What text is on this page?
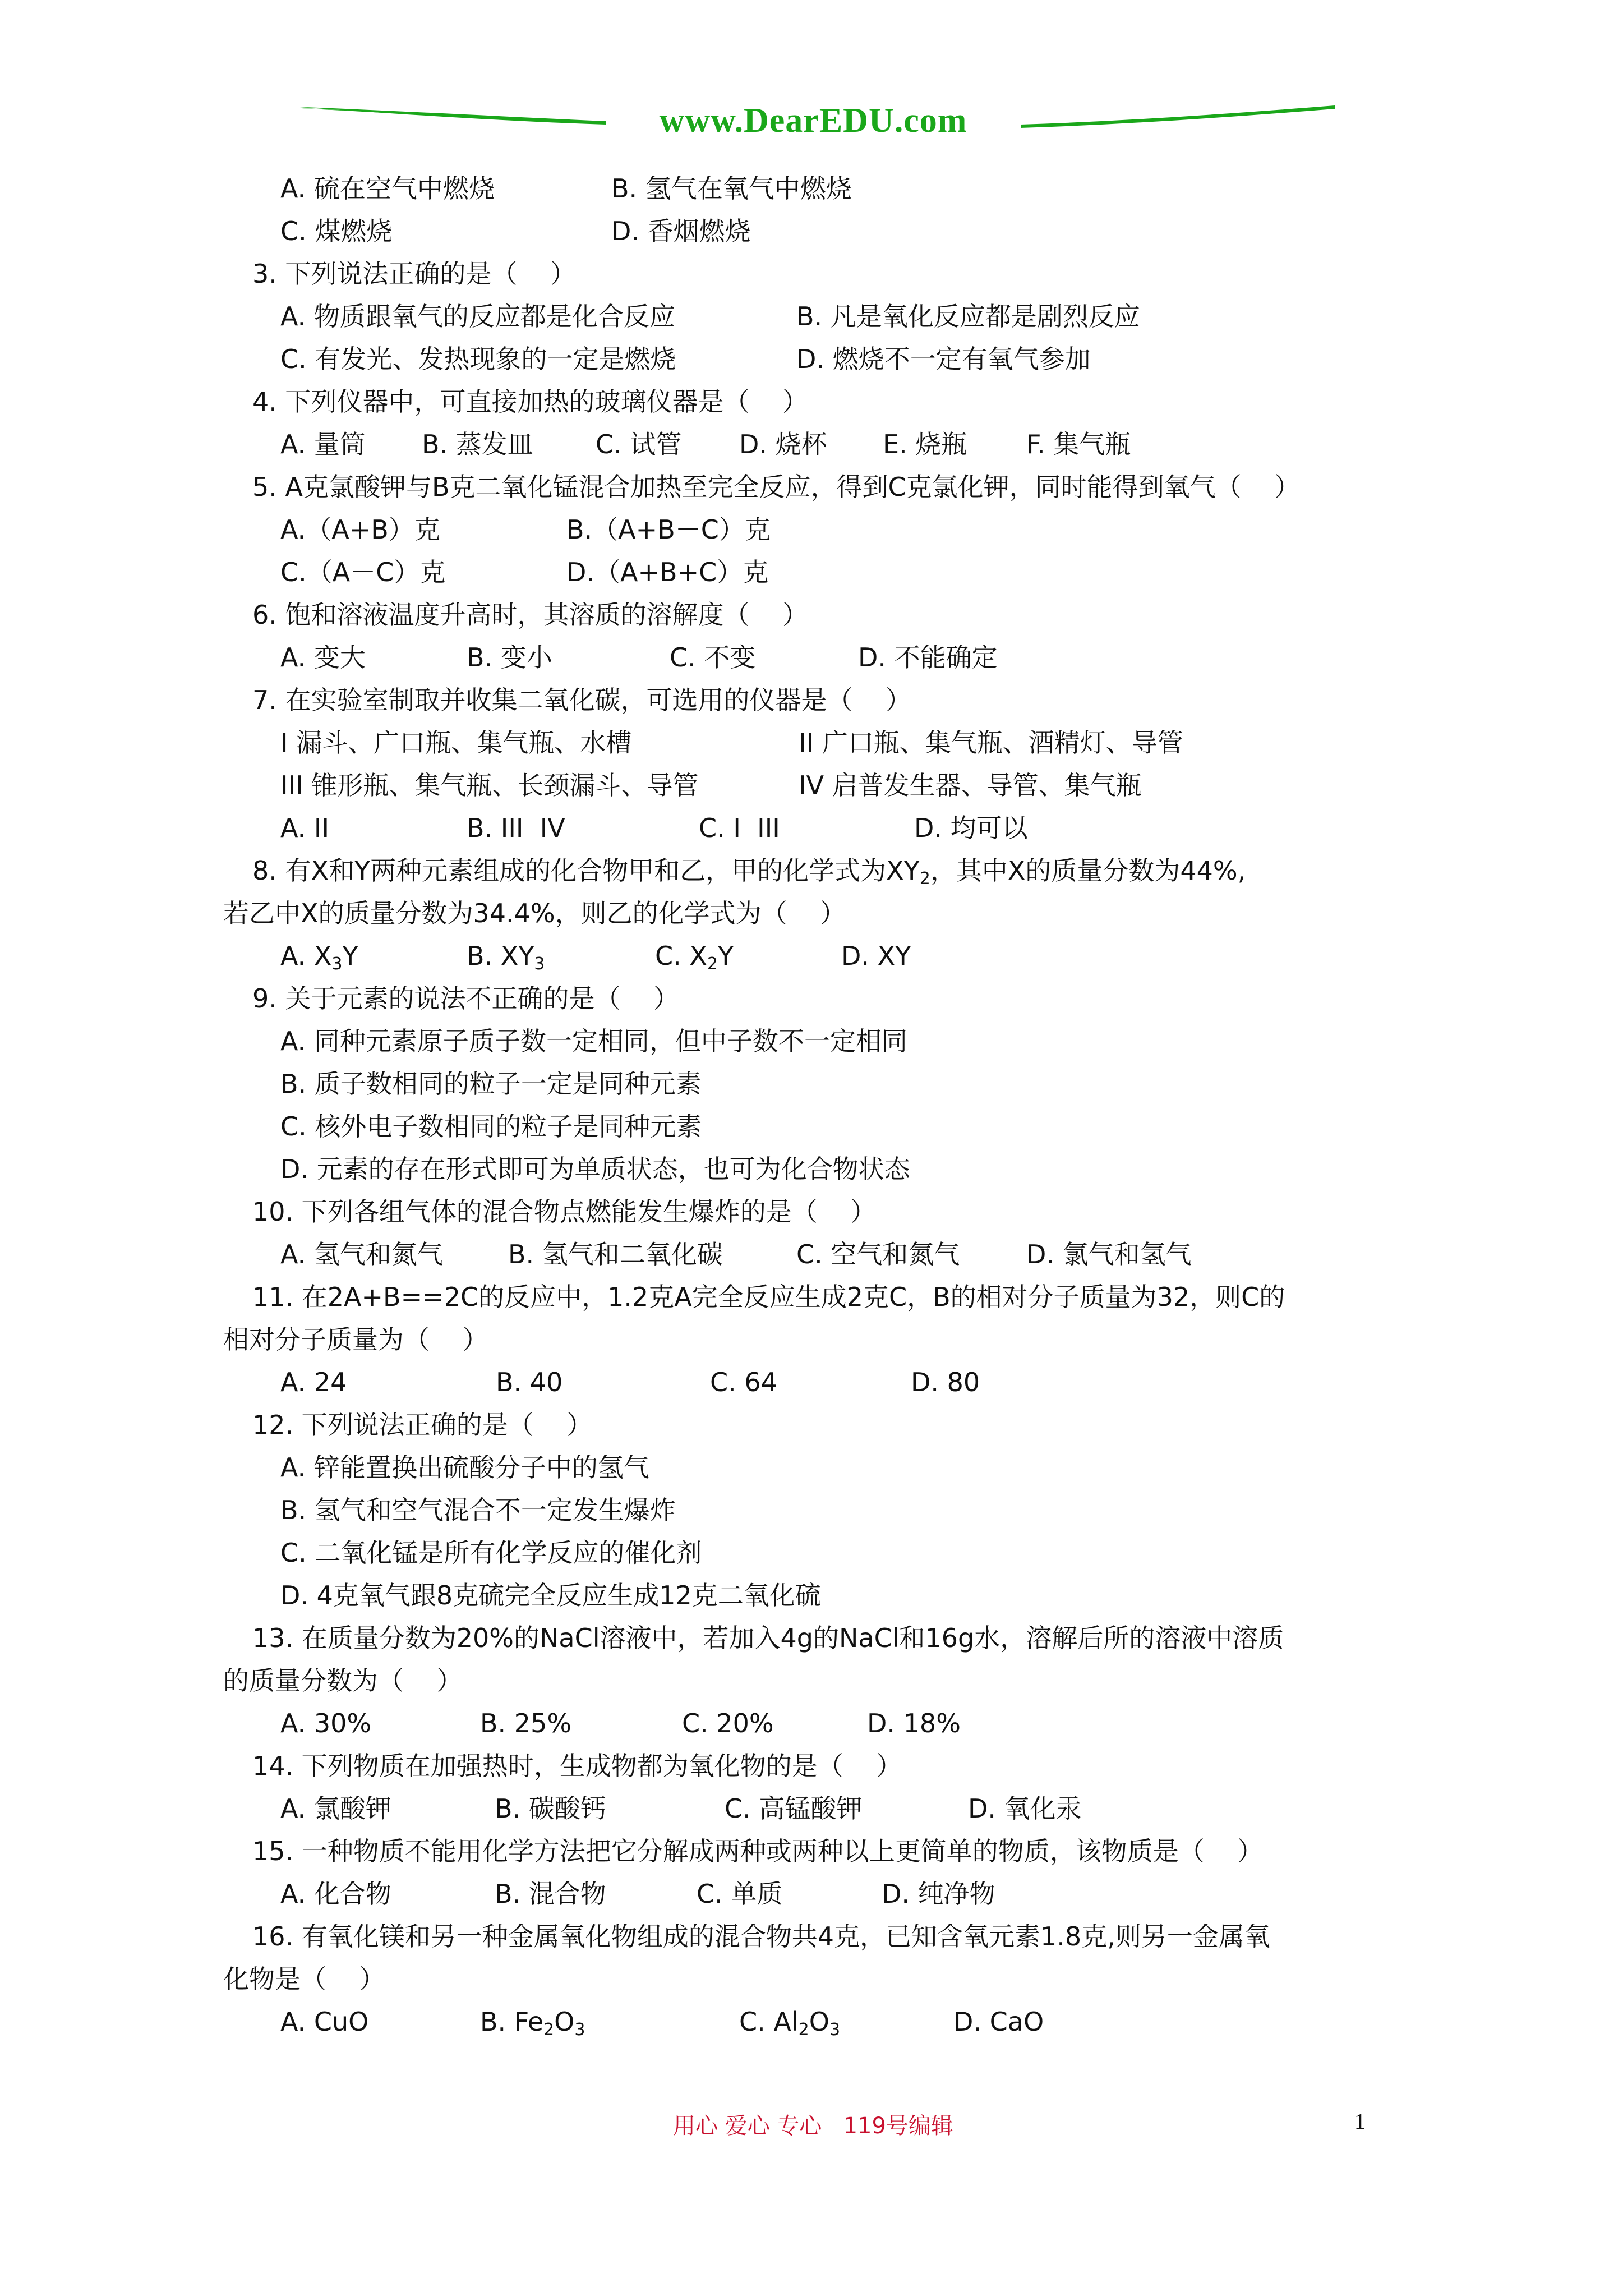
www.DearEDU.com
A. 硫在空气中燃烧	B. 氢气在氧气中燃烧
C. 煤燃烧	D. 香烟燃烧
3. 下列说法正确的是（    ）
A. 物质跟氧气的反应都是化合反应	B. 凡是氧化反应都是剧烈反应
C. 有发光、发热现象的一定是燃烧	D. 燃烧不一定有氧气参加
4. 下列仪器中，可直接加热的玻璃仪器是（    ）
A. 量筒 B. 蒸发皿 C. 试管 D. 烧杯 E. 烧瓶 F. 集气瓶
5. A克氯酸钾与B克二氧化锰混合加热至完全反应，得到C克氯化钾，同时能得到氧气（    ）
A.（A+B）克	B.（A+B－C）克
C.（A－C）克	D.（A+B+C）克
6. 饱和溶液温度升高时，其溶质的溶解度（    ）
A. 变大	B. 变小	C. 不变	D. 不能确定
7. 在实验室制取并收集二氧化碳，可选用的仪器是（    ）
I 漏斗、广口瓶、集气瓶、水槽	II 广口瓶、集气瓶、酒精灯、导管
III 锥形瓶、集气瓶、长颈漏斗、导管	IV 启普发生器、导管、集气瓶
A. II	B. III  IV	C. I  III	D. 均可以
8. 有X和Y两种元素组成的化合物甲和乙，甲的化学式为$XY_2$，其中X的质量分数为44%,
若乙中X的质量分数为34.4%，则乙的化学式为（    ）
A. $X_3Y$	B. $XY_3$	C. $X_2Y$	D. XY
9. 关于元素的说法不正确的是（    ）
A. 同种元素原子质子数一定相同，但中子数不一定相同
B. 质子数相同的粒子一定是同种元素
C. 核外电子数相同的粒子是同种元素
D. 元素的存在形式即可为单质状态，也可为化合物状态
10. 下列各组气体的混合物点燃能发生爆炸的是（    ）
A. 氢气和氮气	B. 氢气和二氧化碳	C. 空气和氮气	D. 氯气和氢气
11. 在2A+B==2C的反应中，1.2克A完全反应生成2克C，B的相对分子质量为32，则C的
相对分子质量为（    ）
A. 24	B. 40	C. 64	D. 80
12. 下列说法正确的是（    ）
A. 锌能置换出硫酸分子中的氢气
B. 氢气和空气混合不一定发生爆炸
C. 二氧化锰是所有化学反应的催化剂
D. 4克氧气跟8克硫完全反应生成12克二氧化硫
13. 在质量分数为20%的NaCl溶液中，若加入4g的NaCl和16g水，溶解后所的溶液中溶质
的质量分数为（    ）
A. 30%	B. 25%	C. 20%	D. 18%
14. 下列物质在加强热时，生成物都为氧化物的是（    ）
A. 氯酸钾	B. 碳酸钙	C. 高锰酸钾	D. 氧化汞
15. 一种物质不能用化学方法把它分解成两种或两种以上更简单的物质，该物质是（    ）
A. 化合物	B. 混合物	C. 单质	D. 纯净物
16. 有氧化镁和另一种金属氧化物组成的混合物共4克，已知含氧元素1.8克,则另一金属氧
化物是（    ）
A. CuO	B. $Fe_2O_3$	C. $Al_2O_3$	D. CaO
用心 爱心 专心   119号编辑	1
